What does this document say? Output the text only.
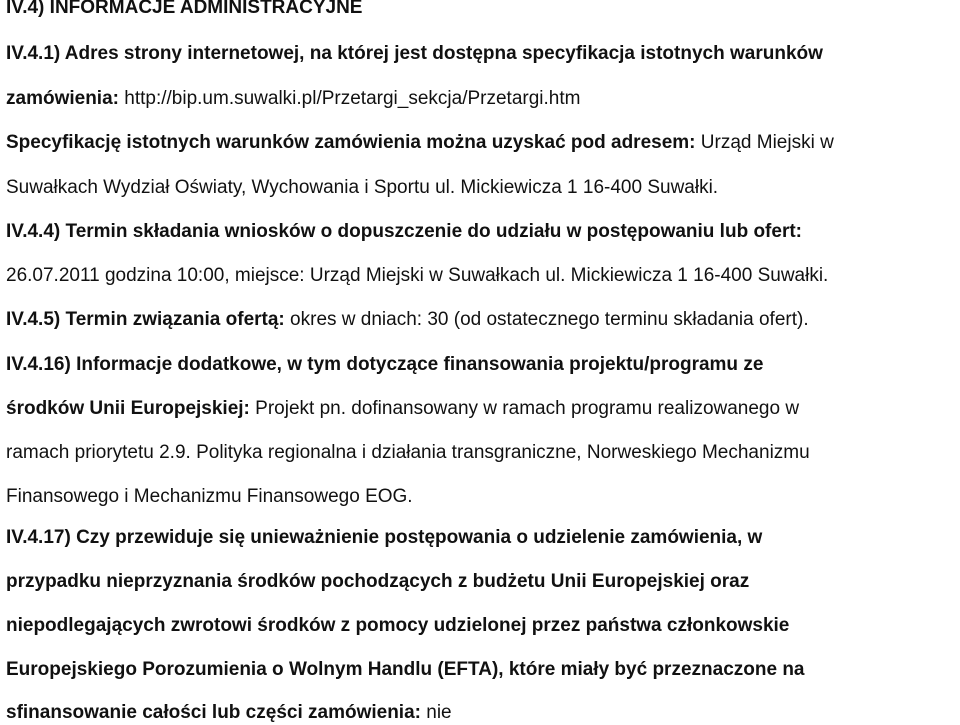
IV.4) INFORMACJE ADMINISTRACYJNE
IV.4.1) Adres strony internetowej, na której jest dostępna specyfikacja istotnych warunków
zamówienia: http://bip.um.suwalki.pl/Przetargi_sekcja/Przetargi.htm
Specyfikację istotnych warunków zamówienia można uzyskać pod adresem: Urząd Miejski w
Suwałkach Wydział Oświaty, Wychowania i Sportu ul. Mickiewicza 1 16-400 Suwałki.
IV.4.4) Termin składania wniosków o dopuszczenie do udziału w postępowaniu lub ofert:
26.07.2011 godzina 10:00, miejsce: Urząd Miejski w Suwałkach ul. Mickiewicza 1 16-400 Suwałki.
IV.4.5) Termin związania ofertą: okres w dniach: 30 (od ostatecznego terminu składania ofert).
IV.4.16) Informacje dodatkowe, w tym dotyczące finansowania projektu/programu ze
środków Unii Europejskiej: Projekt pn. dofinansowany w ramach programu realizowanego w
ramach priorytetu 2.9. Polityka regionalna i działania transgraniczne, Norweskiego Mechanizmu
Finansowego i Mechanizmu Finansowego EOG.
IV.4.17) Czy przewiduje się unieważnienie postępowania o udzielenie zamówienia, w
przypadku nieprzyznania środków pochodzących z budżetu Unii Europejskiej oraz
niepodlegających zwrotowi środków z pomocy udzielonej przez państwa członkowskie
Europejskiego Porozumienia o Wolnym Handlu (EFTA), które miały być przeznaczone na
sfinansowanie całości lub części zamówienia: nie
